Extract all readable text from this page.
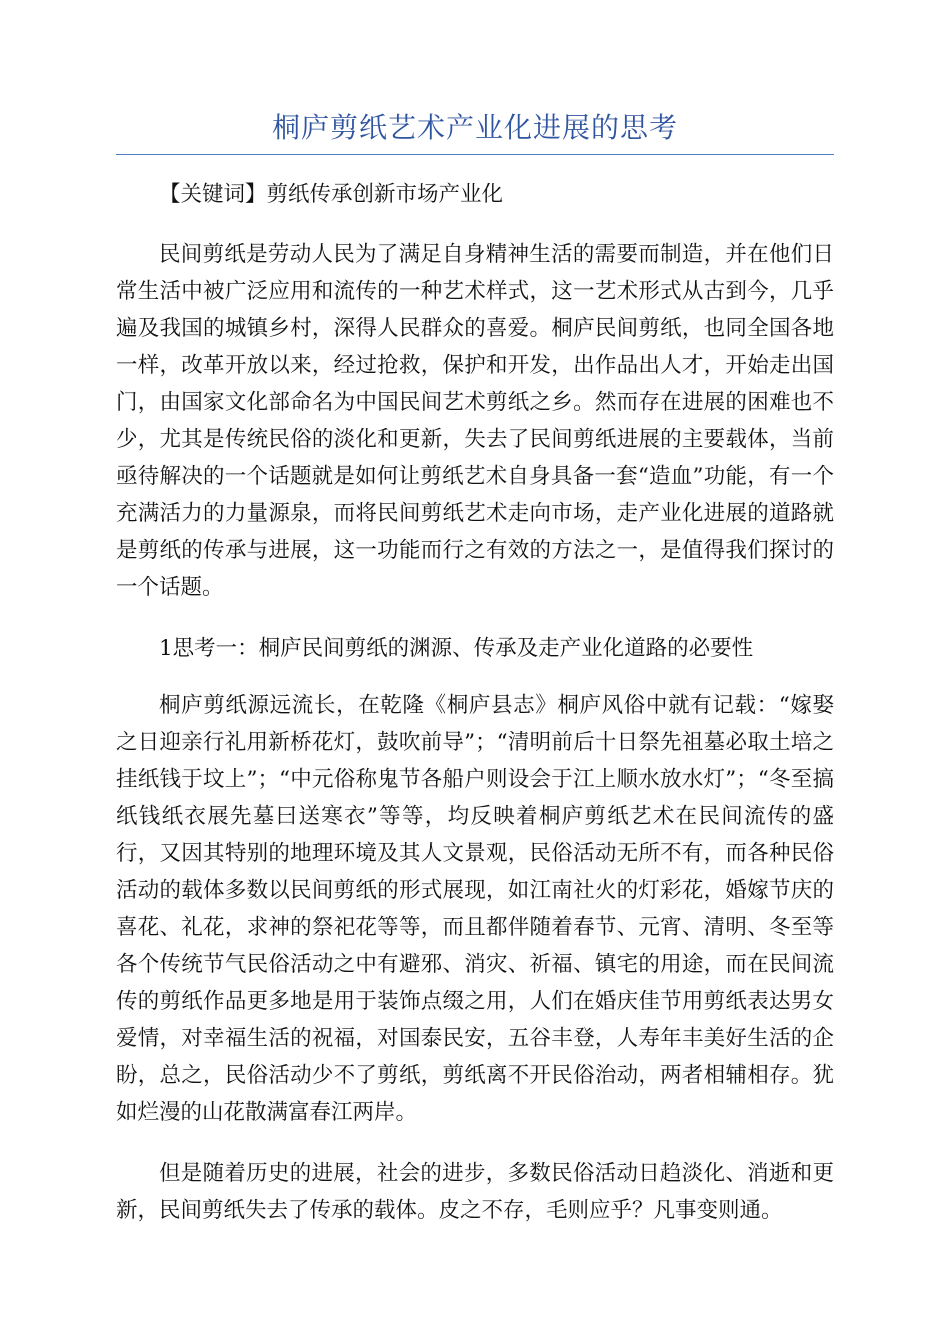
桐庐剪纸艺术产业化进展的思考

【关键词】剪纸传承创新市场产业化

民间剪纸是劳动人民为了满足自身精神生活的需要而制造，并在他们日常生活中被广泛应用和流传的一种艺术样式，这一艺术形式从古到今，几乎遍及我国的城镇乡村，深得人民群众的喜爱。桐庐民间剪纸，也同全国各地一样，改革开放以来，经过抢救，保护和开发，出作品出人才，开始走出国门，由国家文化部命名为中国民间艺术剪纸之乡。然而存在进展的困难也不少，尤其是传统民俗的淡化和更新，失去了民间剪纸进展的主要载体，当前亟待解决的一个话题就是如何让剪纸艺术自身具备一套“造血”功能，有一个充满活力的力量源泉，而将民间剪纸艺术走向市场，走产业化进展的道路就是剪纸的传承与进展，这一功能而行之有效的方法之一，是值得我们探讨的一个话题。

1思考一：桐庐民间剪纸的渊源、传承及走产业化道路的必要性

桐庐剪纸源远流长，在乾隆《桐庐县志》桐庐风俗中就有记载：“嫁娶之日迎亲行礼用新桥花灯，鼓吹前导”；“清明前后十日祭先祖墓必取土培之挂纸钱于坟上”；“中元俗称鬼节各船户则设会于江上顺水放水灯”；“冬至搞纸钱纸衣展先墓曰送寒衣”等等，均反映着桐庐剪纸艺术在民间流传的盛行，又因其特别的地理环境及其人文景观，民俗活动无所不有，而各种民俗活动的载体多数以民间剪纸的形式展现，如江南社火的灯彩花，婚嫁节庆的喜花、礼花，求神的祭祀花等等，而且都伴随着春节、元宵、清明、冬至等各个传统节气民俗活动之中有避邪、消灾、祈福、镇宅的用途，而在民间流传的剪纸作品更多地是用于装饰点缀之用，人们在婚庆佳节用剪纸表达男女爱情，对幸福生活的祝福，对国泰民安，五谷丰登，人寿年丰美好生活的企盼，总之，民俗活动少不了剪纸，剪纸离不开民俗治动，两者相辅相存。犹如烂漫的山花散满富春江两岸。

但是随着历史的进展，社会的进步，多数民俗活动日趋淡化、消逝和更新，民间剪纸失去了传承的载体。皮之不存，毛则应乎？凡事变则通。
